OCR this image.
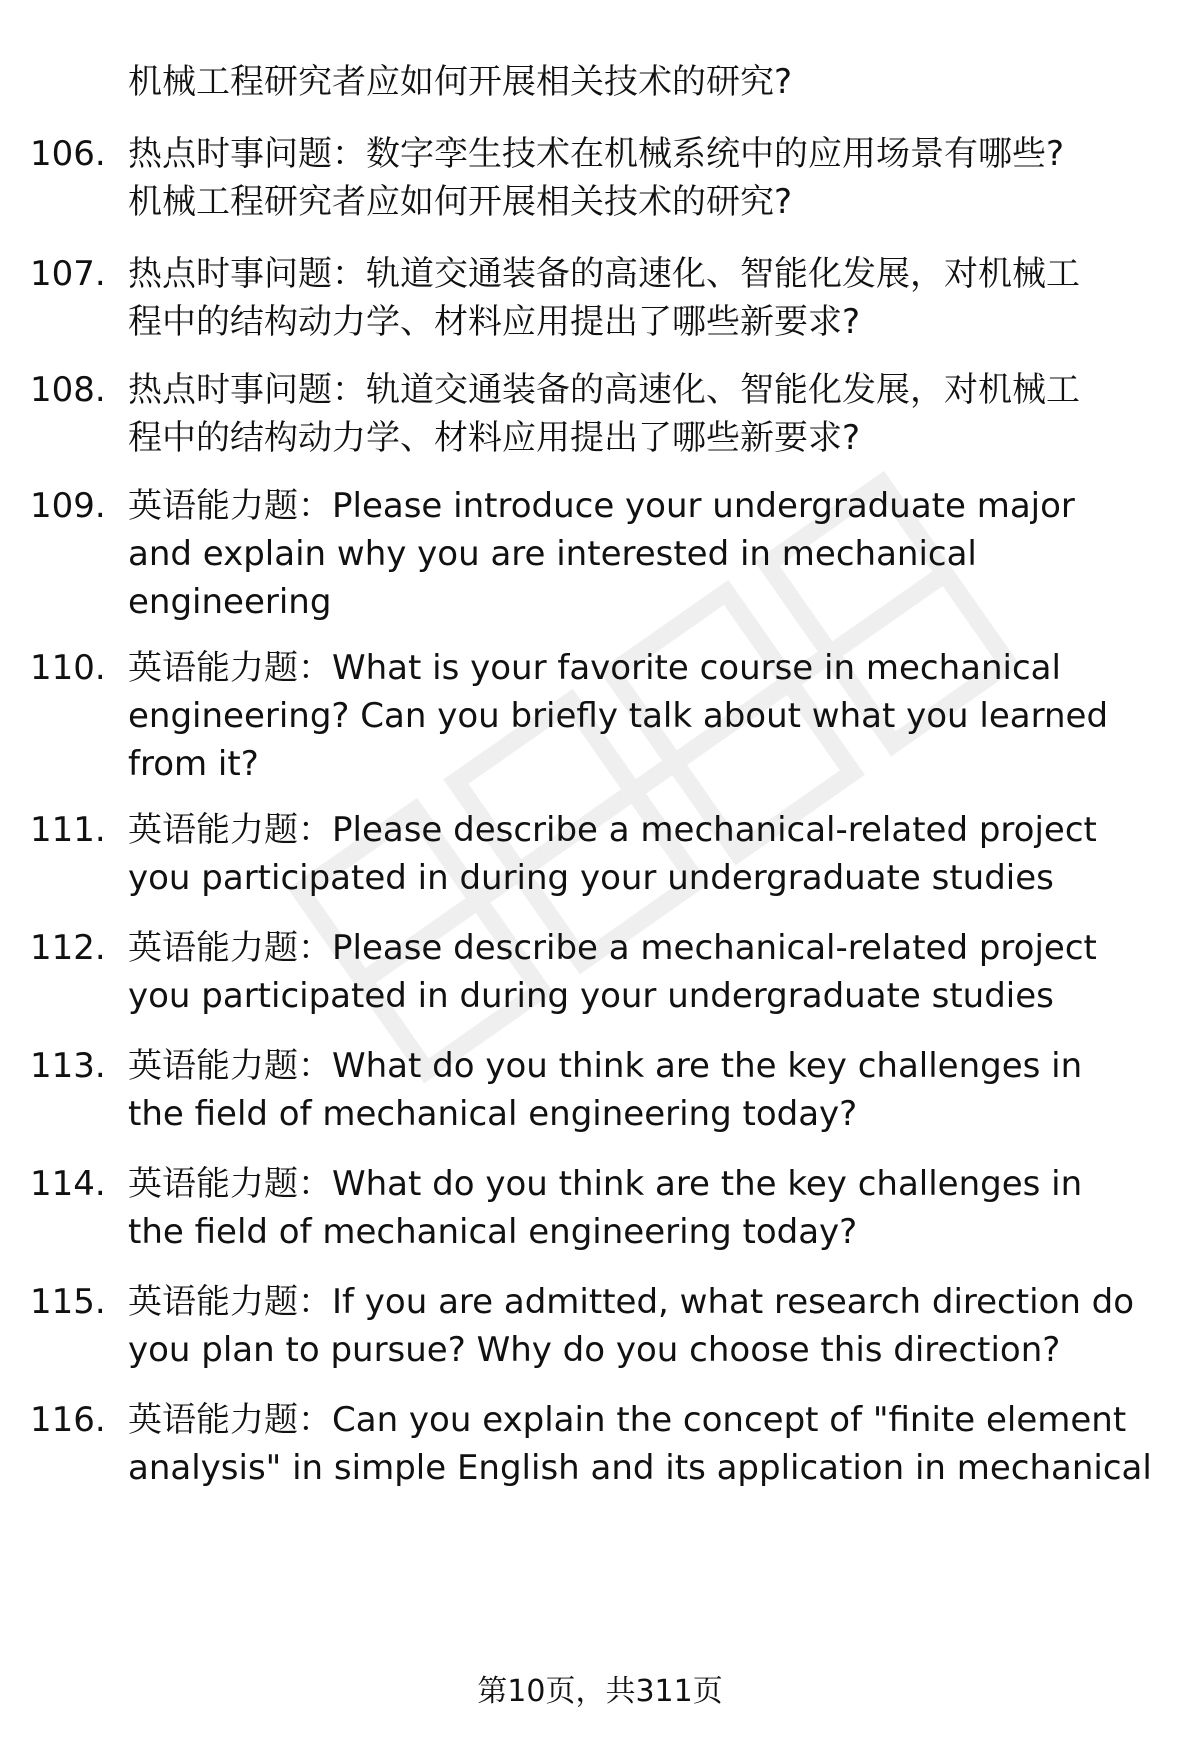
机械工程研究者应如何开展相关技术的研究?
106. 热点时事问题：数字孪生技术在机械系统中的应用场景有哪些?
机械工程研究者应如何开展相关技术的研究?
107. 热点时事问题：轨道交通装备的高速化、智能化发展，对机械工
程中的结构动力学、材料应用提出了哪些新要求?
108. 热点时事问题：轨道交通装备的高速化、智能化发展，对机械工
程中的结构动力学、材料应用提出了哪些新要求?
109. 英语能力题：Please introduce your undergraduate major
and explain why you are interested in mechanical
engineering
110. 英语能力题：What is your favorite course in mechanical
engineering? Can you briefly talk about what you learned
from it?
111. 英语能力题：Please describe a mechanical-related project
you participated in during your undergraduate studies
112. 英语能力题：Please describe a mechanical-related project
you participated in during your undergraduate studies
113. 英语能力题：What do you think are the key challenges in
the field of mechanical engineering today?
114. 英语能力题：What do you think are the key challenges in
the field of mechanical engineering today?
115. 英语能力题：If you are admitted, what research direction do
you plan to pursue? Why do you choose this direction?
116. 英语能力题：Can you explain the concept of "finite element
analysis" in simple English and its application in mechanical
第10页，共311页
